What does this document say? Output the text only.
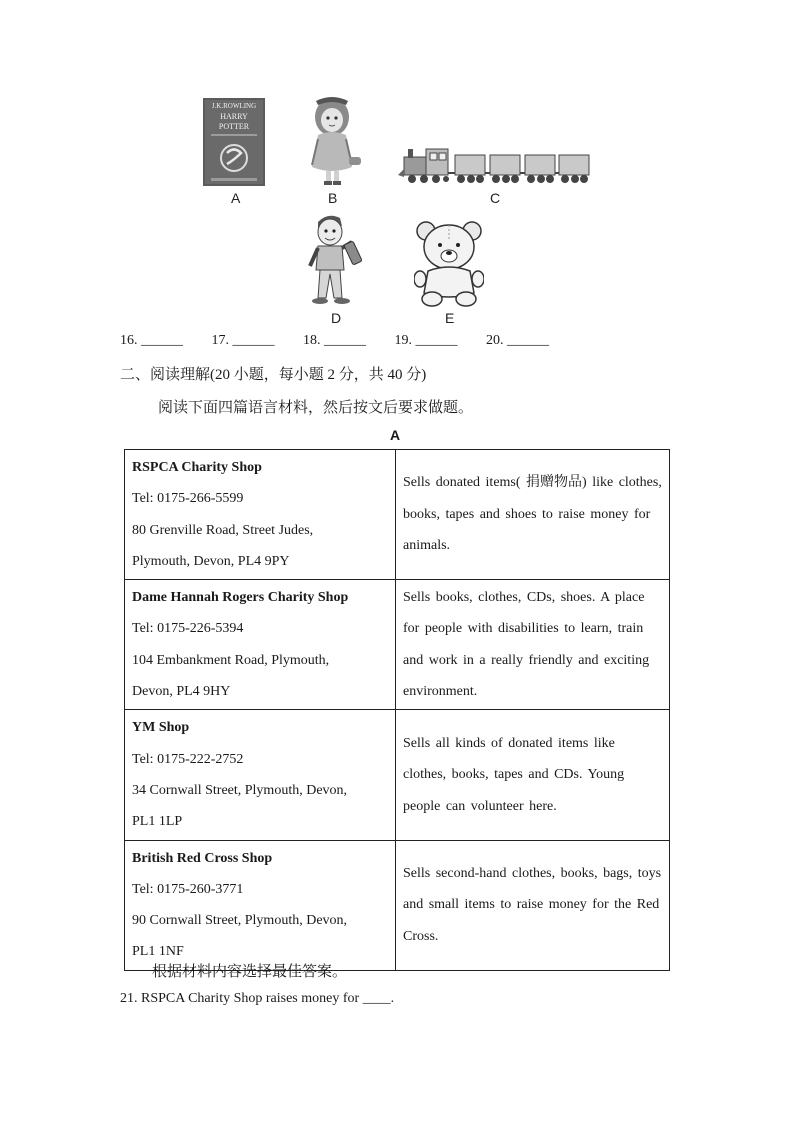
J.K.ROWLING
HARRY
POTTER
A	B	C
D	E
16. ______ 17. ______ 18. ______ 19. ______ 20. ______
二、阅读理解(20 小题，每小题 2 分，共 40 分)
阅读下面四篇语言材料，然后按文后要求做题。
A
RSPCA Charity Shop
Tel: 0175-266-5599
80 Grenville Road, Street Judes,
Plymouth, Devon, PL4 9PY	Sells donated items( 捐赠物品) like clothes, books, tapes and shoes to raise money for animals.

Dame Hannah Rogers Charity Shop
Tel: 0175-226-5394
104 Embankment Road, Plymouth,
Devon, PL4 9HY	Sells books, clothes, CDs, shoes. A place for people with disabilities to learn, train and work in a really friendly and exciting environment.

YM Shop
Tel: 0175-222-2752
34 Cornwall Street, Plymouth, Devon,
PL1 1LP	Sells all kinds of donated items like clothes, books, tapes and CDs. Young people can volunteer here.

British Red Cross Shop
Tel: 0175-260-3771
90 Cornwall Street, Plymouth, Devon,
PL1 1NF	Sells second-hand clothes, books, bags, toys and small items to raise money for the Red Cross.
根据材料内容选择最佳答案。
21. RSPCA Charity Shop raises money for ____.
